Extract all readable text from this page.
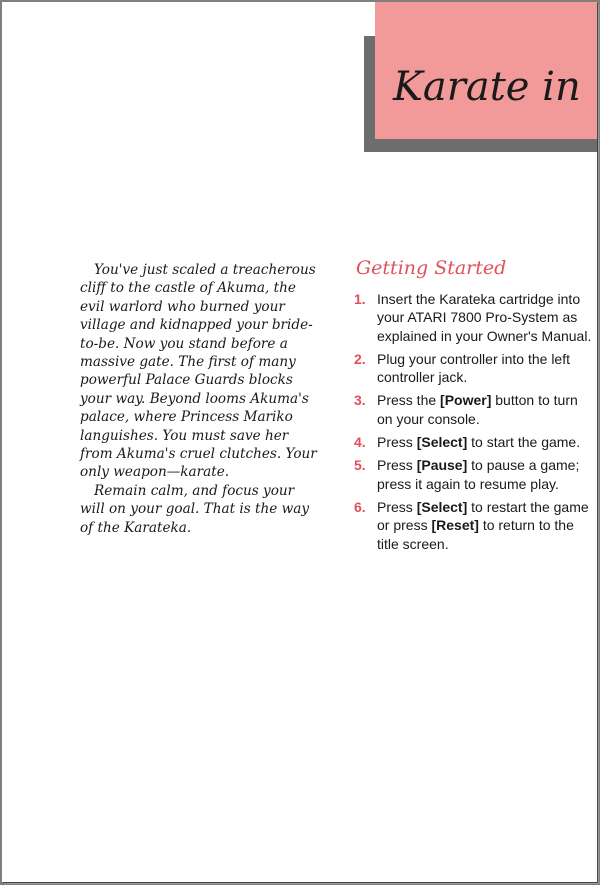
Karate in

You've just scaled a treacherous cliff to the castle of Akuma, the evil warlord who burned your village and kidnapped your bride-to-be. Now you stand before a massive gate. The first of many powerful Palace Guards blocks your way. Beyond looms Akuma's palace, where Princess Mariko languishes. You must save her from Akuma's cruel clutches. Your only weapon—karate.

Remain calm, and focus your will on your goal. That is the way of the Karateka.

Getting Started
1. Insert the Karateka cartridge into your ATARI 7800 Pro-System as explained in your Owner's Manual.
2. Plug your controller into the left controller jack.
3. Press the [Power] button to turn on your console.
4. Press [Select] to start the game.
5. Press [Pause] to pause a game; press it again to resume play.
6. Press [Select] to restart the game or press [Reset] to return to the title screen.
